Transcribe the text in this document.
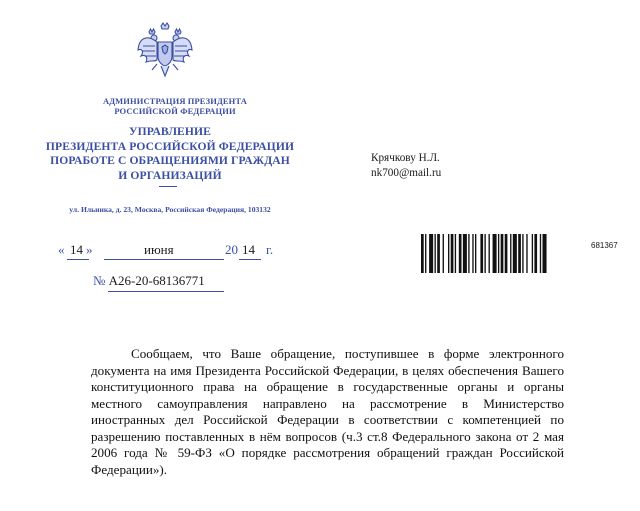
АДМИНИСТРАЦИЯ ПРЕЗИДЕНТА
РОССИЙСКОЙ ФЕДЕРАЦИИ
УПРАВЛЕНИЕ
ПРЕЗИДЕНТА РОССИЙСКОЙ ФЕДЕРАЦИИ
ПОРАБОТЕ С ОБРАЩЕНИЯМИ ГРАЖДАН
И ОРГАНИЗАЦИЙ
ул. Ильинка, д. 23, Москва, Российская Федерация, 103132
Крячкову Н.Л.
nk700@mail.ru
« 14 »	июня	20 14 г.
№ А26-20-68136771
681367
Сообщаем, что Ваше обращение, поступившее в форме электронного документа на имя Президента Российской Федерации, в целях обеспечения Вашего конституционного права на обращение в государственные органы и органы местного самоуправления направлено на рассмотрение в Министерство иностранных дел Российской Федерации в соответствии с компетенцией по разрешению поставленных в нём вопросов (ч.3 ст.8 Федерального закона от 2 мая 2006 года № 59-ФЗ «О порядке рассмотрения обращений граждан Российской Федерации»).
